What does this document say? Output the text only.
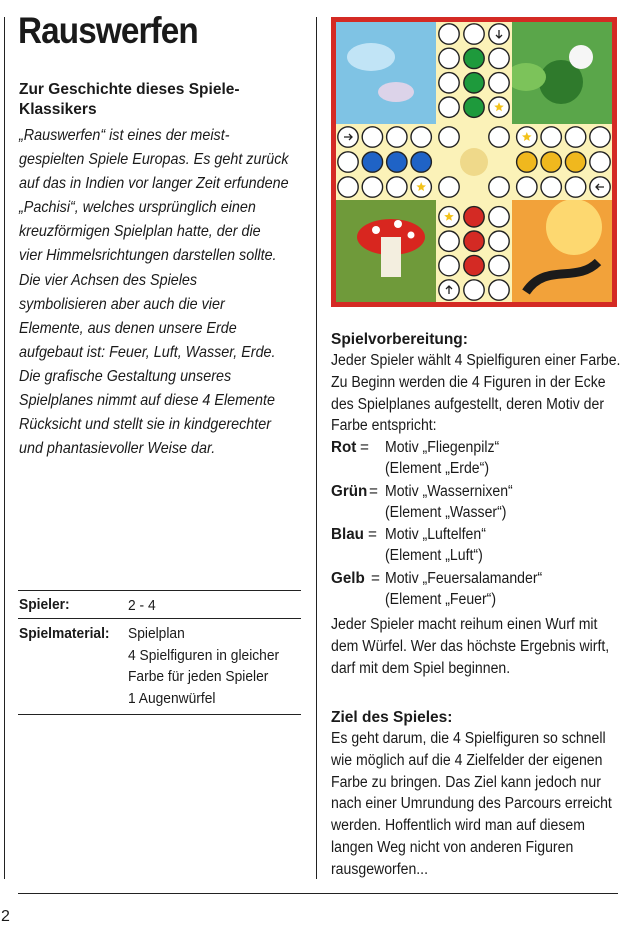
Rauswerfen
Zur Geschichte dieses Spiele-
Klassikers

„Rauswerfen“ ist eines der meist-

gespielten Spiele Europas. Es geht zurück

auf das in Indien vor langer Zeit erfundene

„Pachisi“, welches ursprünglich einen

kreuzförmigen Spielplan hatte, der die

vier Himmelsrichtungen darstellen sollte.

Die vier Achsen des Spieles

symbolisieren aber auch die vier

Elemente, aus denen unsere Erde

aufgebaut ist: Feuer, Luft, Wasser, Erde.

Die grafische Gestaltung unseres

Spielplanes nimmt auf diese 4 Elemente

Rücksicht und stellt sie in kindgerechter

und phantasievoller Weise dar.

Spieler:	2 - 4
Spielmaterial: Spielplan
4 Spielfiguren in gleicher
Farbe für jeden Spieler
1 Augenwürfel
Spielvorbereitung:
Jeder Spieler wählt 4 Spielfiguren einer Farbe.
Zu Beginn werden die 4 Figuren in der Ecke
des Spielplanes aufgestellt, deren Motiv der
Farbe entspricht:
Rot = Motiv „Fliegenpilz“
(Element „Erde“)
Grün = Motiv „Wassernixen“
(Element „Wasser“)
Blau = Motiv „Luftelfen“
(Element „Luft“)
Gelb = Motiv „Feuersalamander“
(Element „Feuer“)
Jeder Spieler macht reihum einen Wurf mit
dem Würfel. Wer das höchste Ergebnis wirft,
darf mit dem Spiel beginnen.
Ziel des Spieles:
Es geht darum, die 4 Spielfiguren so schnell
wie möglich auf die 4 Zielfelder der eigenen
Farbe zu bringen. Das Ziel kann jedoch nur
nach einer Umrundung des Parcours erreicht
werden. Hoffentlich wird man auf diesem
langen Weg nicht von anderen Figuren
rausgeworfen...
2
